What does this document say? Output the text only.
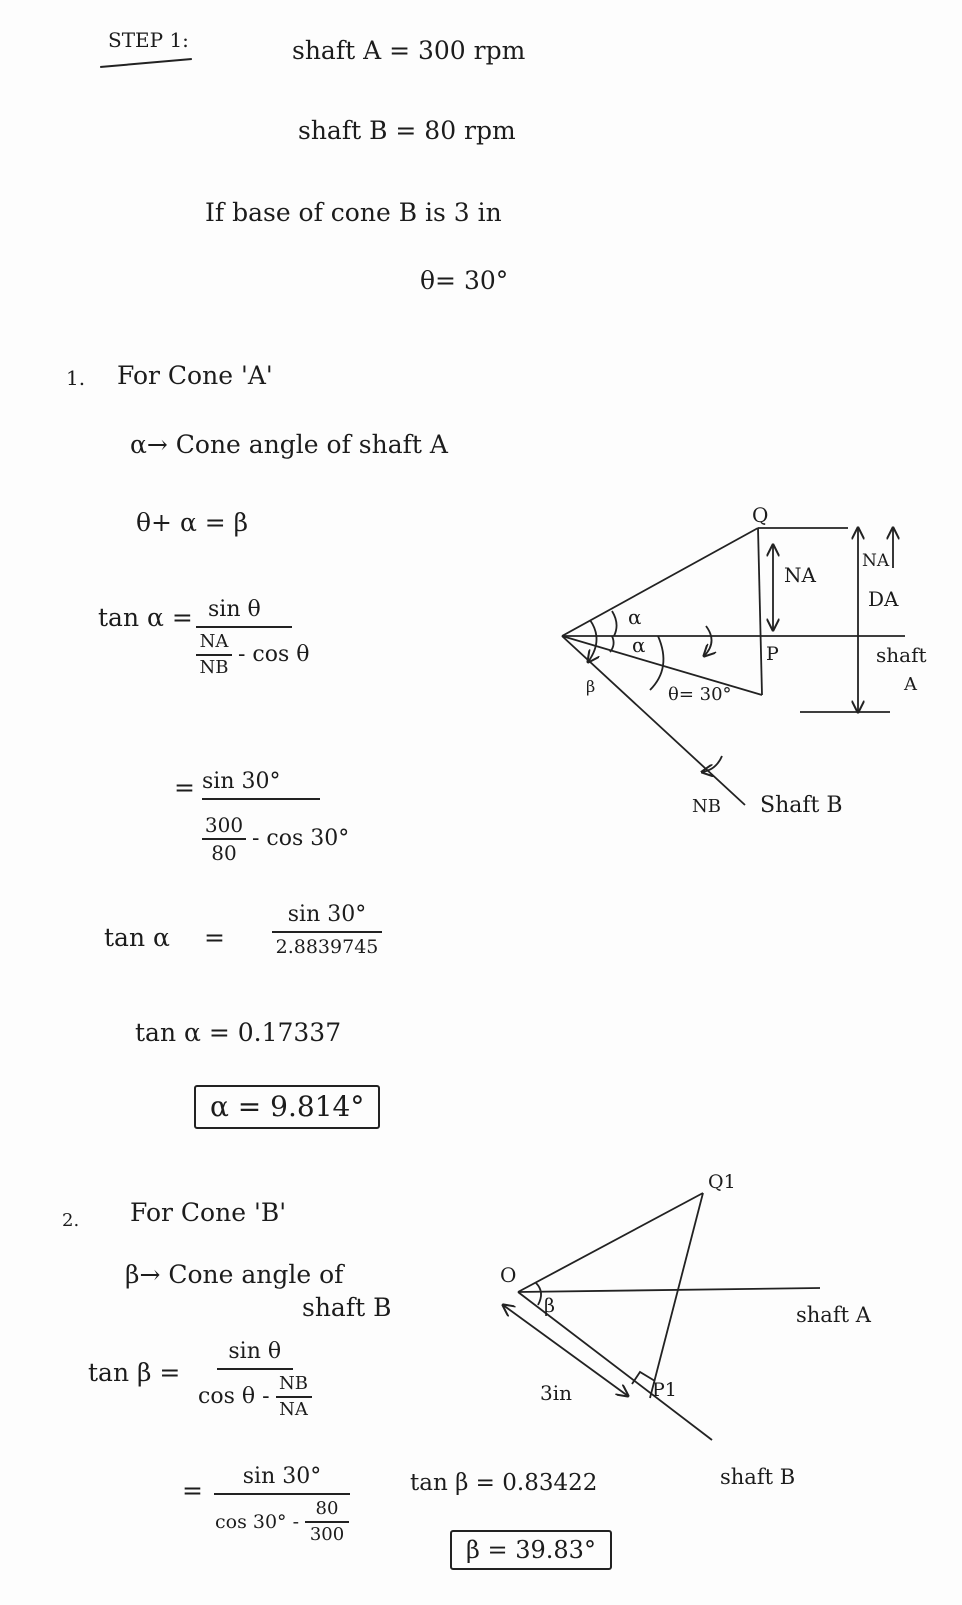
STEP 1:	shaft A = 300 rpm
shaft B = 80 rpm
If base of cone B is 3 in
θ= 30°
1. For Cone 'A'
α→ Cone angle of shaft A
θ+ α = β
tan α = sin θ
NA
NB
- cos θ
= sin 30°
300
80
- cos 30°
tan α =
sin 30°
2.8839745
tan α = 0.17337
α = 9.814°
2. For Cone 'B'
β→ Cone angle of
shaft B
tan β =
sin θ
cos θ -
NB
NA
= sin 30°
cos 30° -
80
300
tan β = 0.83422
β = 39.83°
Q
α
α
β	θ= 30°
P
NA
NA
DA
shaft
A
NB Shaft B
O
Q1
β
P1
3in
shaft A
shaft B
